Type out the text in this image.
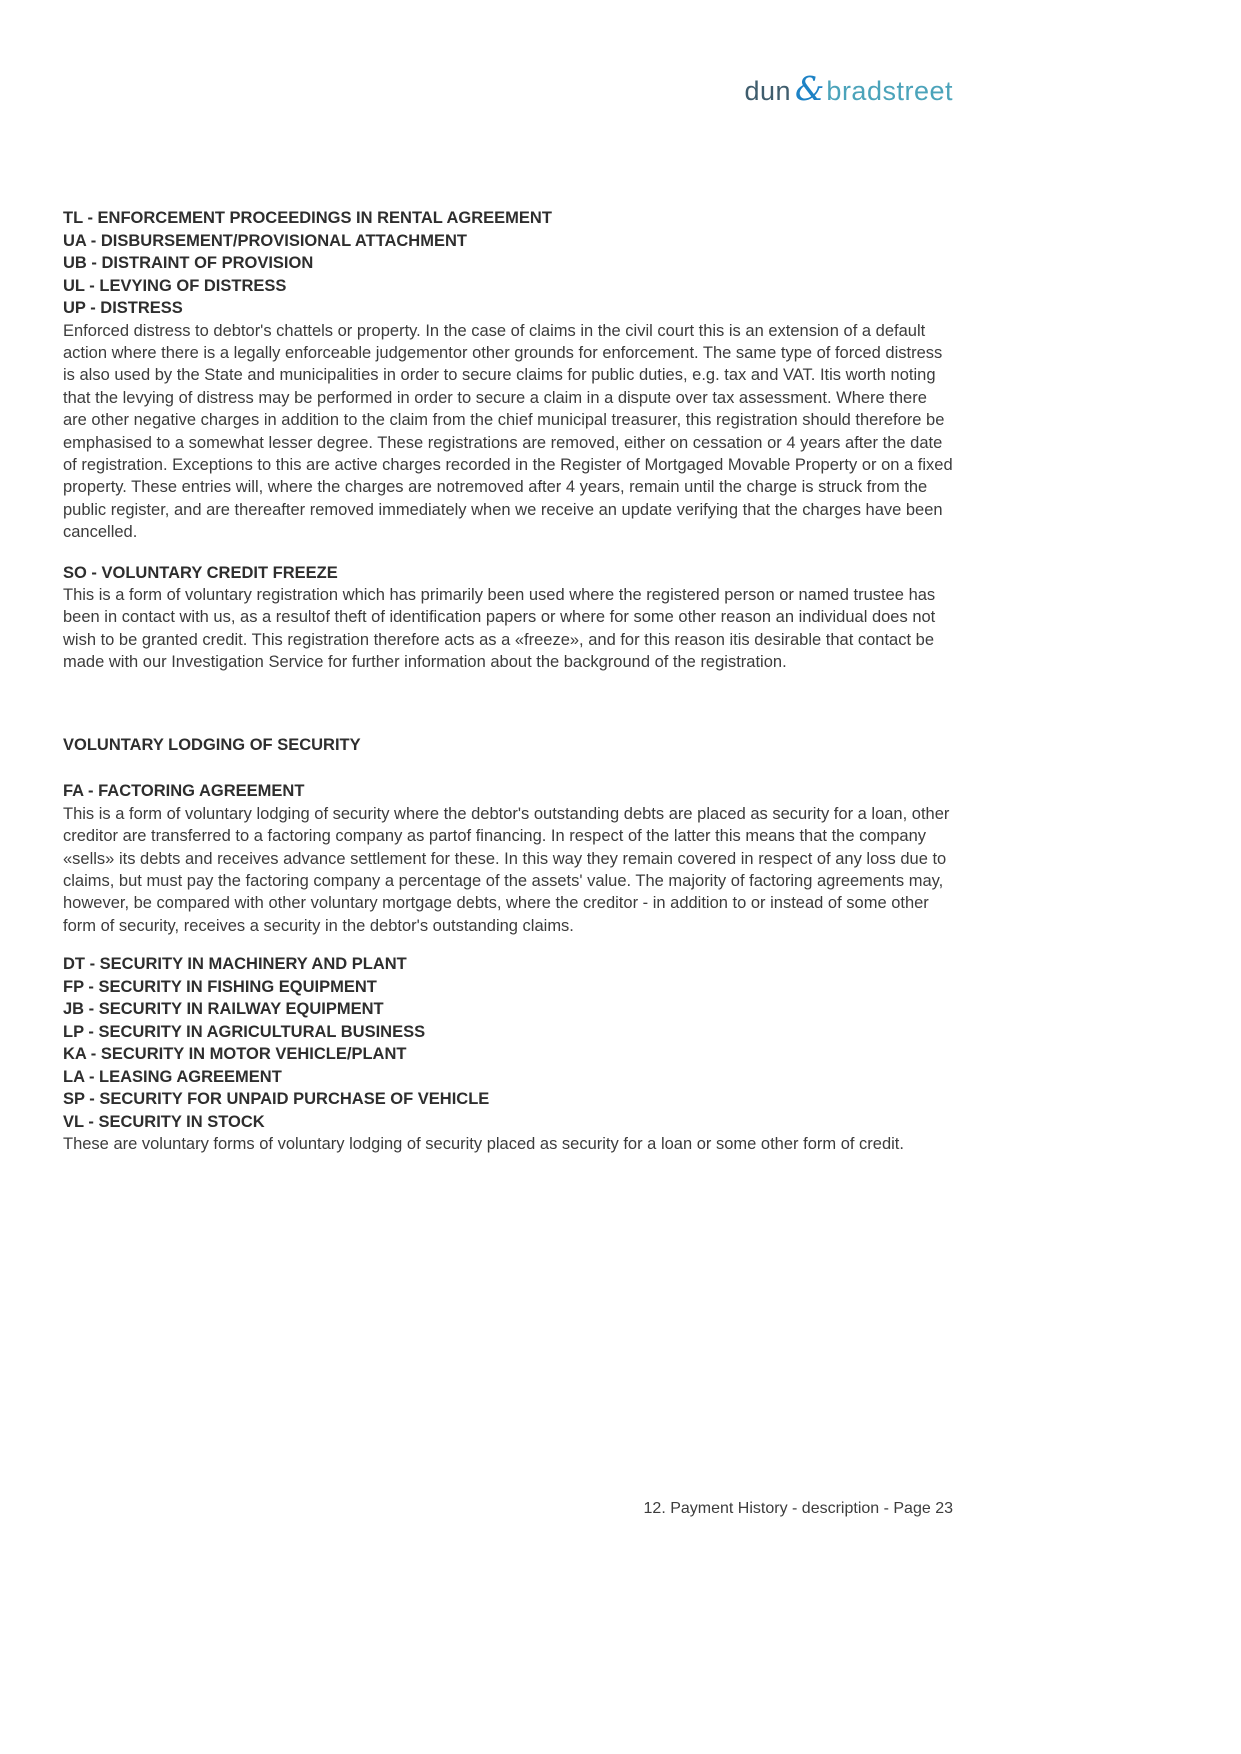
dun &bradstreet
TL - ENFORCEMENT PROCEEDINGS IN RENTAL AGREEMENT
UA - DISBURSEMENT/PROVISIONAL ATTACHMENT
UB - DISTRAINT OF PROVISION
UL - LEVYING OF DISTRESS
UP - DISTRESS

Enforced distress to debtor's chattels or property. In the case of claims in the civil court this is an extension of a default action where there is a legally enforceable judgementor other grounds for enforcement. The same type of forced distress is also used by the State and municipalities in order to secure claims for public duties, e.g. tax and VAT. Itis worth noting that the levying of distress may be performed in order to secure a claim in a dispute over tax assessment. Where there are other negative charges in addition to the claim from the chief municipal treasurer, this registration should therefore be emphasised to a somewhat lesser degree. These registrations are removed, either on cessation or 4 years after the date of registration. Exceptions to this are active charges recorded in the Register of Mortgaged Movable Property or on a fixed property. These entries will, where the charges are notremoved after 4 years, remain until the charge is struck from the public register, and are thereafter removed immediately when we receive an update verifying that the charges have been cancelled.

SO - VOLUNTARY CREDIT FREEZE

This is a form of voluntary registration which has primarily been used where the registered person or named trustee has been in contact with us, as a resultof theft of identification papers or where for some other reason an individual does not wish to be granted credit. This registration therefore acts as a «freeze», and for this reason itis desirable that contact be made with our Investigation Service for further information about the background of the registration.

VOLUNTARY LODGING OF SECURITY
FA - FACTORING AGREEMENT

This is a form of voluntary lodging of security where the debtor's outstanding debts are placed as security for a loan, other creditor are transferred to a factoring company as partof financing. In respect of the latter this means that the company «sells» its debts and receives advance settlement for these. In this way they remain covered in respect of any loss due to claims, but must pay the factoring company a percentage of the assets' value. The majority of factoring agreements may, however, be compared with other voluntary mortgage debts, where the creditor - in addition to or instead of some other form of security, receives a security in the debtor's outstanding claims.

DT - SECURITY IN MACHINERY AND PLANT
FP - SECURITY IN FISHING EQUIPMENT
JB - SECURITY IN RAILWAY EQUIPMENT
LP - SECURITY IN AGRICULTURAL BUSINESS
KA - SECURITY IN MOTOR VEHICLE/PLANT
LA - LEASING AGREEMENT
SP - SECURITY FOR UNPAID PURCHASE OF VEHICLE
VL - SECURITY IN STOCK

These are voluntary forms of voluntary lodging of security placed as security for a loan or some other form of credit.

12. Payment History - description - Page 23
